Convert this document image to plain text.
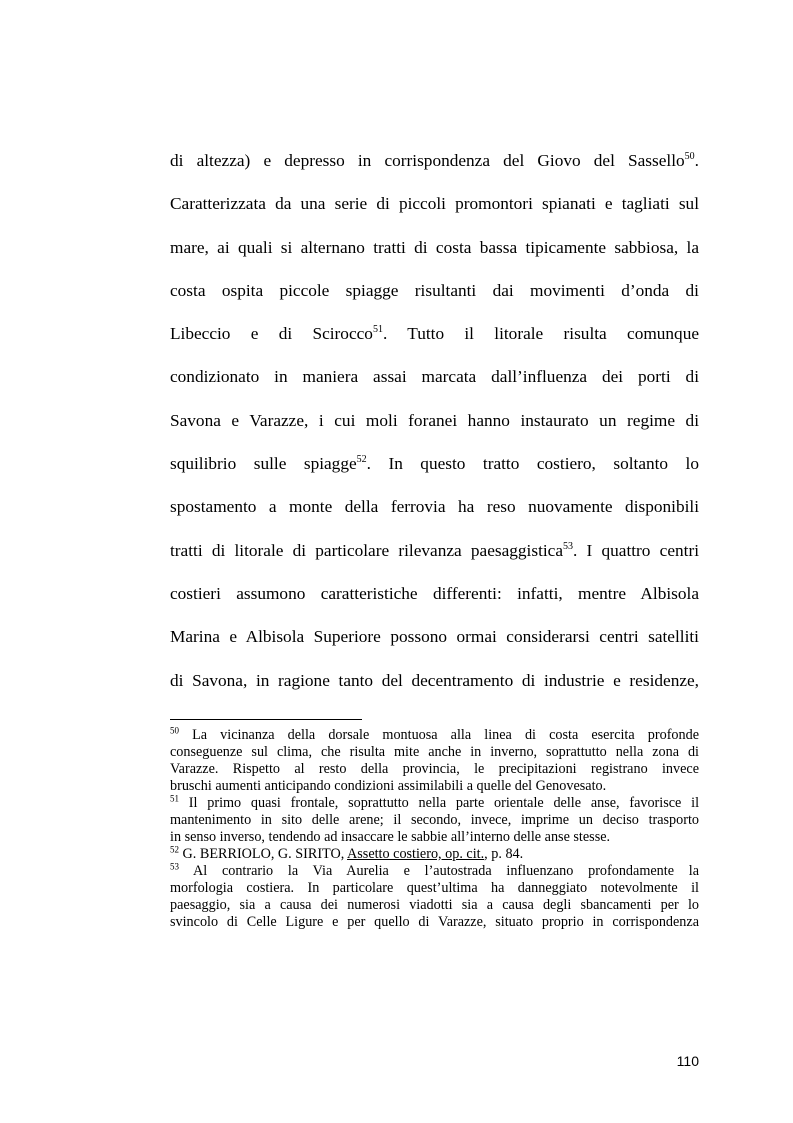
di altezza) e depresso in corrispondenza del Giovo del Sassello$^{50}$.
Caratterizzata da una serie di piccoli promontori spianati e tagliati sul
mare, ai quali si alternano tratti di costa bassa tipicamente sabbiosa, la
costa ospita piccole spiagge risultanti dai movimenti d’onda di
Libeccio e di Scirocco$^{51}$. Tutto il litorale risulta comunque
condizionato in maniera assai marcata dall’influenza dei porti di
Savona e Varazze, i cui moli foranei hanno instaurato un regime di
squilibrio sulle spiagge$^{52}$. In questo tratto costiero, soltanto lo
spostamento a monte della ferrovia ha reso nuovamente disponibili
tratti di litorale di particolare rilevanza paesaggistica$^{53}$. I quattro centri
costieri assumono caratteristiche differenti: infatti, mentre Albisola
Marina e Albisola Superiore possono ormai considerarsi centri satelliti
di Savona, in ragione tanto del decentramento di industrie e residenze,
$^{50}$ La vicinanza della dorsale montuosa alla linea di costa esercita profonde
conseguenze sul clima, che risulta mite anche in inverno, soprattutto nella zona di
Varazze. Rispetto al resto della provincia, le precipitazioni registrano invece
bruschi aumenti anticipando condizioni assimilabili a quelle del Genovesato.
$^{51}$ Il primo quasi frontale, soprattutto nella parte orientale delle anse, favorisce il
mantenimento in sito delle arene; il secondo, invece, imprime un deciso trasporto
in senso inverso, tendendo ad insaccare le sabbie all’interno delle anse stesse.
$^{52}$ G. BERRIOLO, G. SIRITO, Assetto costiero, op. cit., p. 84.
$^{53}$ Al contrario la Via Aurelia e l’autostrada influenzano profondamente la
morfologia costiera. In particolare quest’ultima ha danneggiato notevolmente il
paesaggio, sia a causa dei numerosi viadotti sia a causa degli sbancamenti per lo
svincolo di Celle Ligure e per quello di Varazze, situato proprio in corrispondenza
110
